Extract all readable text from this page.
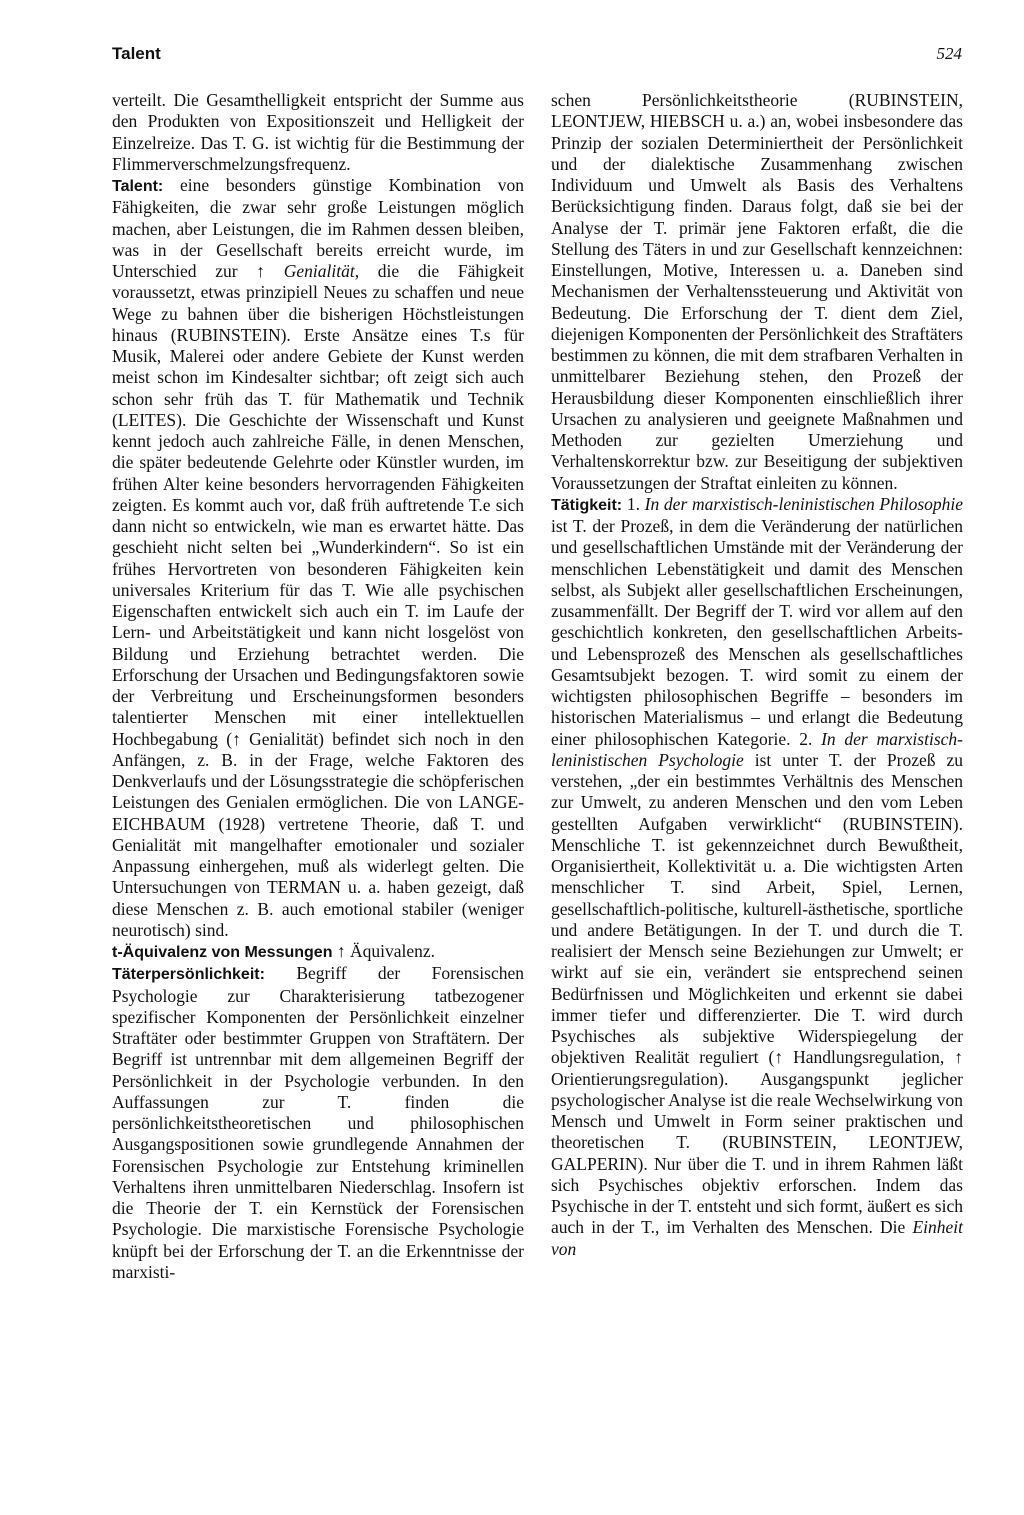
Talent	524

verteilt. Die Gesamthelligkeit entspricht der Summe aus den Produkten von Expositionszeit und Helligkeit der Einzelreize. Das T. G. ist wichtig für die Bestimmung der Flimmerverschmelzungsfrequenz.

Talent: eine besonders günstige Kombination von Fähigkeiten, die zwar sehr große Leistungen möglich machen, aber Leistungen, die im Rahmen dessen bleiben, was in der Gesellschaft bereits erreicht wurde, im Unterschied zur ↑ Genialität, die die Fähigkeit voraussetzt, etwas prinzipiell Neues zu schaffen und neue Wege zu bahnen über die bisherigen Höchstleistungen hinaus (RUBINSTEIN). Erste Ansätze eines T.s für Musik, Malerei oder andere Gebiete der Kunst werden meist schon im Kindesalter sichtbar; oft zeigt sich auch schon sehr früh das T. für Mathematik und Technik (LEITES). Die Geschichte der Wissenschaft und Kunst kennt jedoch auch zahlreiche Fälle, in denen Menschen, die später bedeutende Gelehrte oder Künstler wurden, im frühen Alter keine besonders hervorragenden Fähigkeiten zeigten. Es kommt auch vor, daß früh auftretende T.e sich dann nicht so entwickeln, wie man es erwartet hätte. Das geschieht nicht selten bei „Wunderkindern“. So ist ein frühes Hervortreten von besonderen Fähigkeiten kein universales Kriterium für das T. Wie alle psychischen Eigenschaften entwickelt sich auch ein T. im Laufe der Lern- und Arbeitstätigkeit und kann nicht losgelöst von Bildung und Erziehung betrachtet werden. Die Erforschung der Ursachen und Bedingungsfaktoren sowie der Verbreitung und Erscheinungsformen besonders talentierter Menschen mit einer intellektuellen Hochbegabung (↑ Genialität) befindet sich noch in den Anfängen, z. B. in der Frage, welche Faktoren des Denkverlaufs und der Lösungsstrategie die schöpferischen Leistungen des Genialen ermöglichen. Die von LANGE-EICHBAUM (1928) vertretene Theorie, daß T. und Genialität mit mangelhafter emotionaler und sozialer Anpassung einhergehen, muß als widerlegt gelten. Die Untersuchungen von TERMAN u. a. haben gezeigt, daß diese Menschen z. B. auch emotional stabiler (weniger neurotisch) sind.

t-Äquivalenz von Messungen ↑ Äquivalenz.

Täterpersönlichkeit: Begriff der Forensischen Psychologie zur Charakterisierung tatbezogener spezifischer Komponenten der Persönlichkeit einzelner Straftäter oder bestimmter Gruppen von Straftätern. Der Begriff ist untrennbar mit dem allgemeinen Begriff der Persönlichkeit in der Psychologie verbunden. In den Auffassungen zur T. finden die persönlichkeitstheoretischen und philosophischen Ausgangspositionen sowie grundlegende Annahmen der Forensischen Psychologie zur Entstehung kriminellen Verhaltens ihren unmittelbaren Niederschlag. Insofern ist die Theorie der T. ein Kernstück der Forensischen Psychologie. Die marxistische Forensische Psychologie knüpft bei der Erforschung der T. an die Erkenntnisse der marxisti-

schen Persönlichkeitstheorie (RUBINSTEIN, LEONTJEW, HIEBSCH u. a.) an, wobei insbesondere das Prinzip der sozialen Determiniertheit der Persönlichkeit und der dialektische Zusammenhang zwischen Individuum und Umwelt als Basis des Verhaltens Berücksichtigung finden. Daraus folgt, daß sie bei der Analyse der T. primär jene Faktoren erfaßt, die die Stellung des Täters in und zur Gesellschaft kennzeichnen: Einstellungen, Motive, Interessen u. a. Daneben sind Mechanismen der Verhaltenssteuerung und Aktivität von Bedeutung. Die Erforschung der T. dient dem Ziel, diejenigen Komponenten der Persönlichkeit des Straftäters bestimmen zu können, die mit dem strafbaren Verhalten in unmittelbarer Beziehung stehen, den Prozeß der Herausbildung dieser Komponenten einschließlich ihrer Ursachen zu analysieren und geeignete Maßnahmen und Methoden zur gezielten Umerziehung und Verhaltenskorrektur bzw. zur Beseitigung der subjektiven Voraussetzungen der Straftat einleiten zu können.

Tätigkeit: 1. In der marxistisch-leninistischen Philosophie ist T. der Prozeß, in dem die Veränderung der natürlichen und gesellschaftlichen Umstände mit der Veränderung der menschlichen Lebenstätigkeit und damit des Menschen selbst, als Subjekt aller gesellschaftlichen Erscheinungen, zusammenfällt. Der Begriff der T. wird vor allem auf den geschichtlich konkreten, den gesellschaftlichen Arbeits- und Lebensprozeß des Menschen als gesellschaftliches Gesamtsubjekt bezogen. T. wird somit zu einem der wichtigsten philosophischen Begriffe – besonders im historischen Materialismus – und erlangt die Bedeutung einer philosophischen Kategorie. 2. In der marxistisch-leninistischen Psychologie ist unter T. der Prozeß zu verstehen, „der ein bestimmtes Verhältnis des Menschen zur Umwelt, zu anderen Menschen und den vom Leben gestellten Aufgaben verwirklicht“ (RUBINSTEIN). Menschliche T. ist gekennzeichnet durch Bewußtheit, Organisiertheit, Kollektivität u. a. Die wichtigsten Arten menschlicher T. sind Arbeit, Spiel, Lernen, gesellschaftlich-politische, kulturell-ästhetische, sportliche und andere Betätigungen. In der T. und durch die T. realisiert der Mensch seine Beziehungen zur Umwelt; er wirkt auf sie ein, verändert sie entsprechend seinen Bedürfnissen und Möglichkeiten und erkennt sie dabei immer tiefer und differenzierter. Die T. wird durch Psychisches als subjektive Widerspiegelung der objektiven Realität reguliert (↑ Handlungsregulation, ↑ Orientierungsregulation). Ausgangspunkt jeglicher psychologischer Analyse ist die reale Wechselwirkung von Mensch und Umwelt in Form seiner praktischen und theoretischen T. (RUBINSTEIN, LEONTJEW, GALPERIN). Nur über die T. und in ihrem Rahmen läßt sich Psychisches objektiv erforschen. Indem das Psychische in der T. entsteht und sich formt, äußert es sich auch in der T., im Verhalten des Menschen. Die Einheit von
